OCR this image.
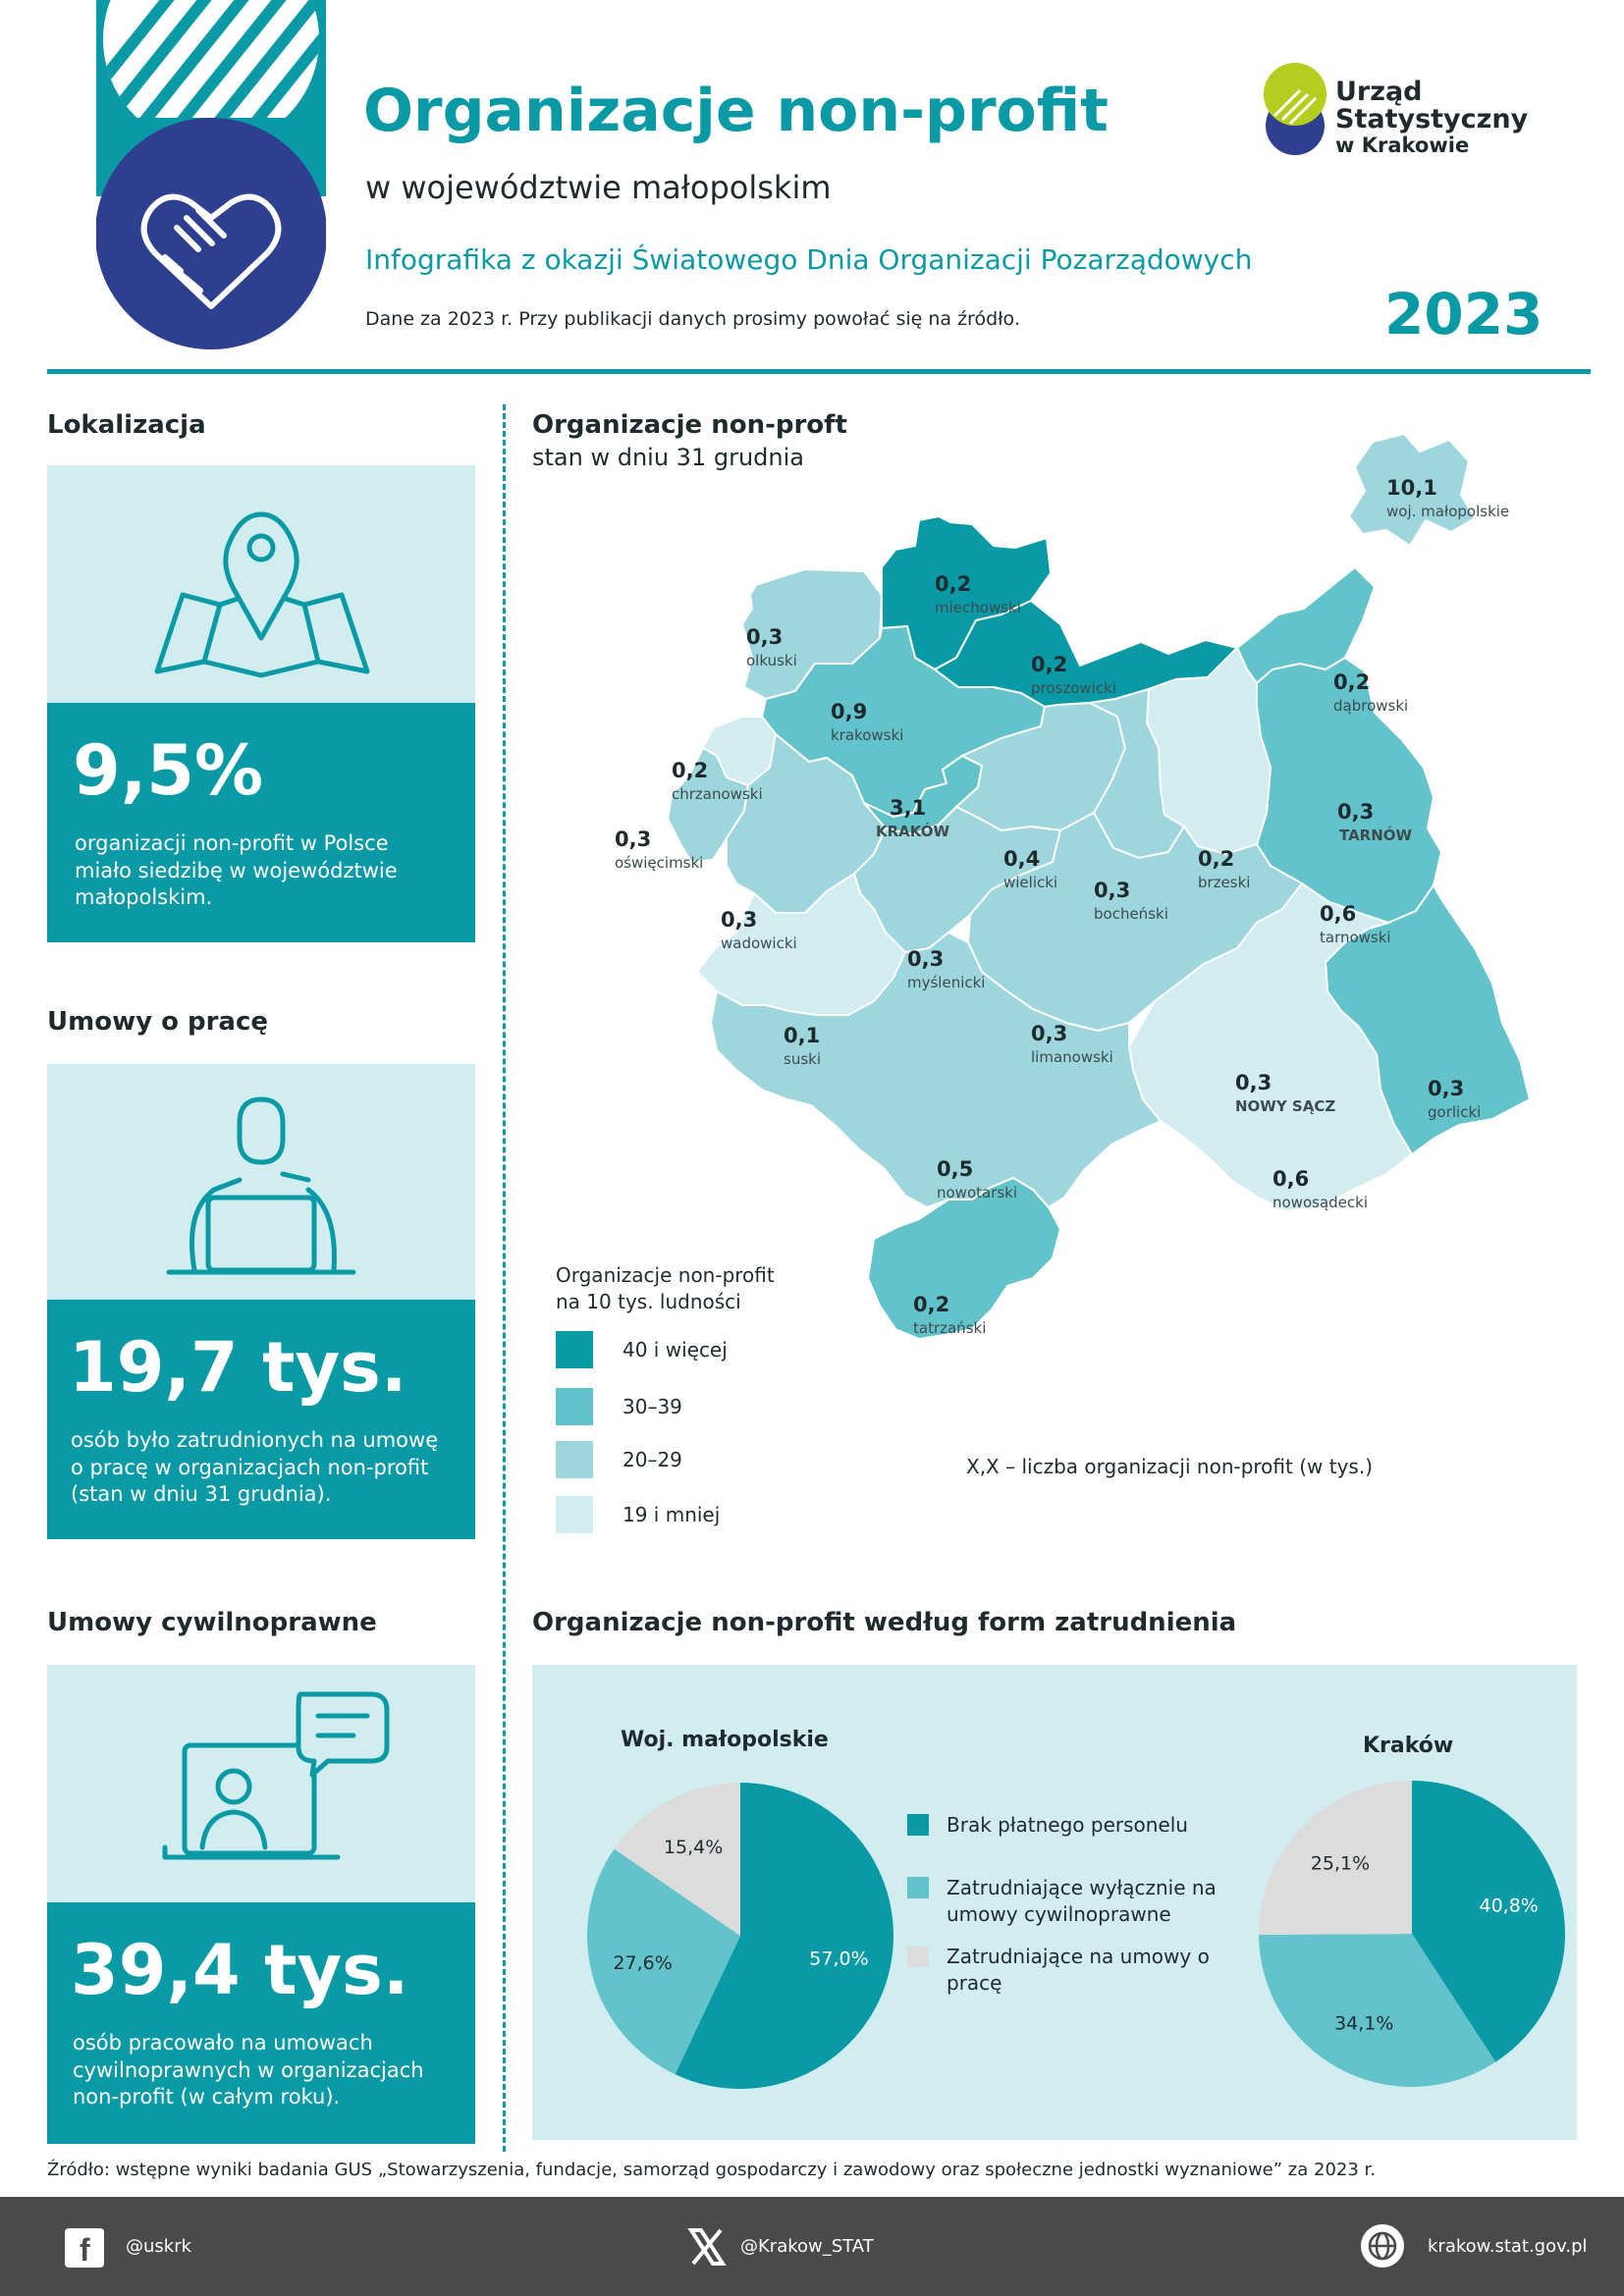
Organizacje non-profit
w województwie małopolskim
Infografika z okazji Światowego Dnia Organizacji Pozarządowych
Dane za 2023 r. Przy publikacji danych prosimy powołać się na źródło.	2023
Urząd Statystyczny
w Krakowie
Lokalizacja
9,5%
organizacji non-profit w Polsce miało siedzibę w województwie małopolskim.
Umowy o pracę
19,7 tys.
osób było zatrudnionych na umowę o pracę w organizacjach non-profit (stan w dniu 31 grudnia).
Umowy cywilnoprawne
39,4 tys.
osób pracowało na umowach cywilnoprawnych w organizacjach non-profit (w całym roku).
Organizacje non-proft
stan w dniu 31 grudnia
10,1
woj. małopolskie
0,2
miechowski
0,3
olkuski	0,2
proszowicki
0,9
krakowski
0,2
dąbrowski
0,2
chrzanowski
3,1
KRAKÓW
0,3
TARNÓW
0,3
oświęcimski	0,4
wielicki
0,2
brzeski
0,3
bocheński
0,3
wadowicki
0,6
tarnowski
0,3
myślenicki
0,1
suski
0,3
limanowski
0,3
NOWY SĄCZ
0,3
gorlicki
0,5
nowotarski
0,6
nowosądecki
0,2
tatrzański
Organizacje non-profit na 10 tys. ludności
40 i więcej
30–39
20–29
19 i mniej
X,X – liczba organizacji non-profit (w tys.)
Organizacje non-profit według form zatrudnienia
Woj. małopolskie	Kraków
57,0%
27,6%
15,4%
40,8%
34,1%
25,1%
Brak płatnego personelu
Zatrudniające wyłącznie na umowy cywilnoprawne
Zatrudniające na umowy o pracę
Źródło: wstępne wyniki badania GUS „Stowarzyszenia, fundacje, samorząd gospodarczy i zawodowy oraz społeczne jednostki wyznaniowe” za 2023 r.
f @uskrk	@Krakow_STAT	krakow.stat.gov.pl
